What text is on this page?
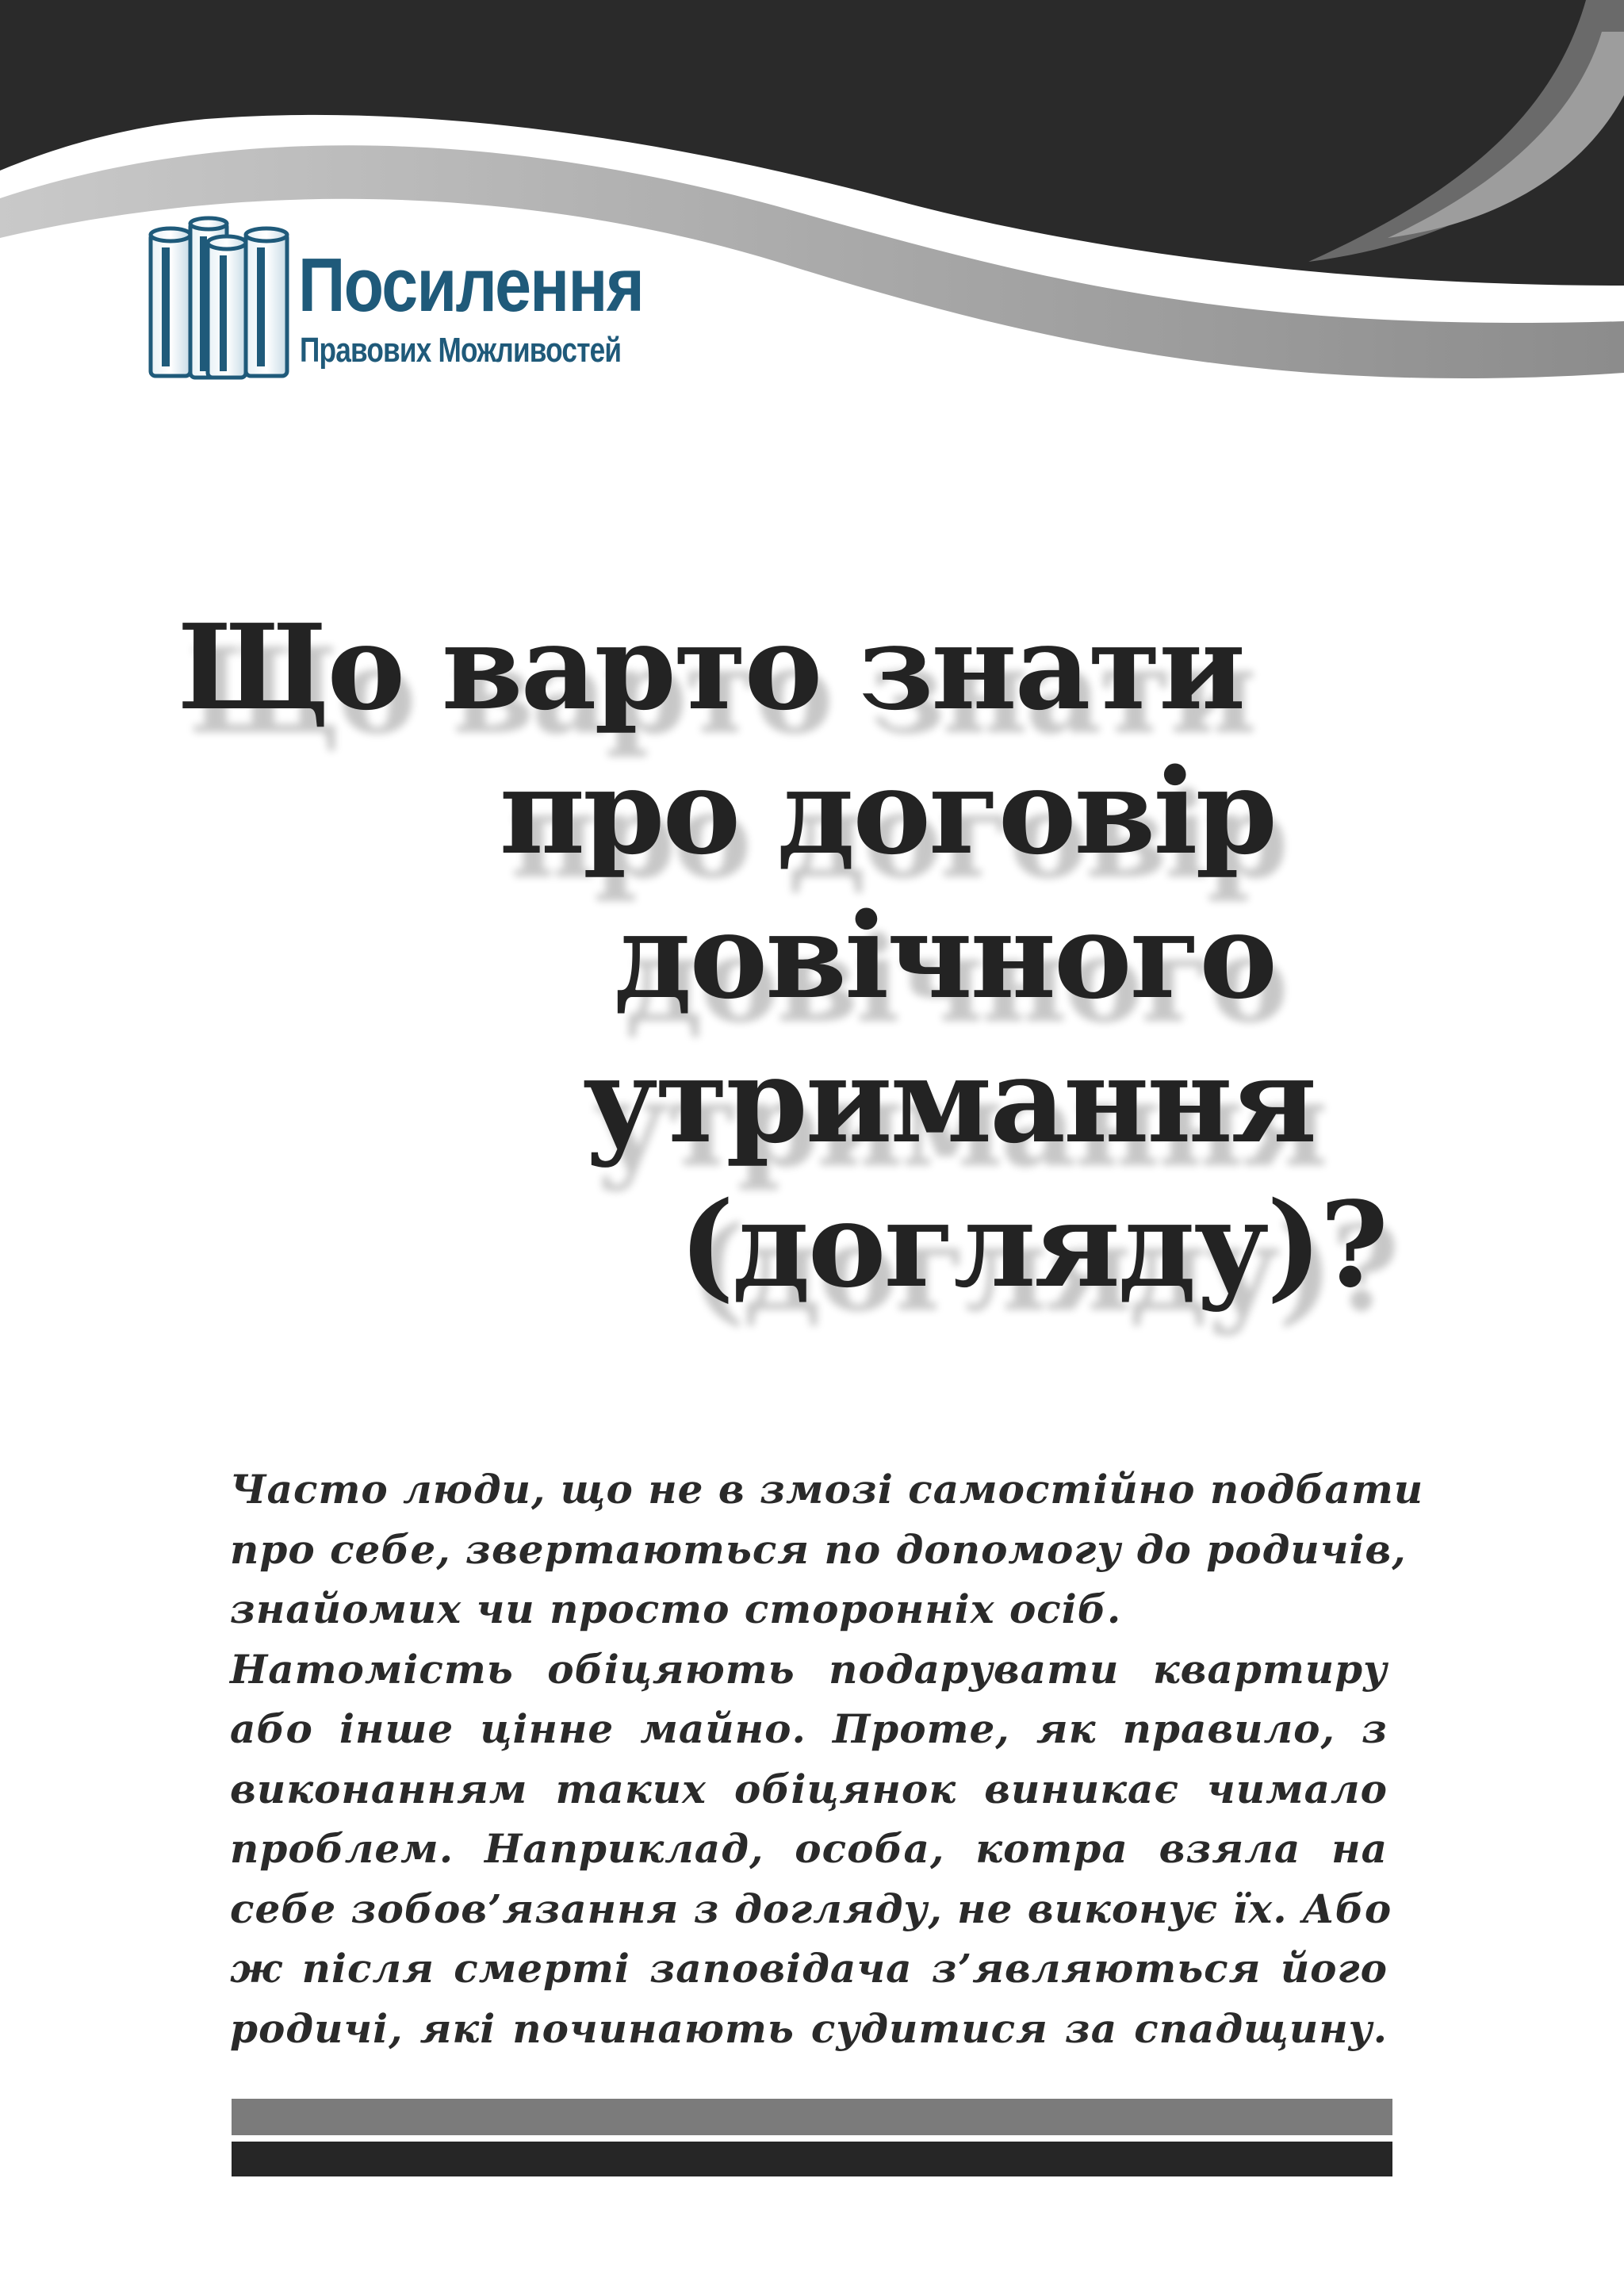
Посилення
Правових Можливостей
Що варто знати
про договір
довічного
утримання
(догляду)?

Часто люди, що не в змозі самостійно подбати
про себе, звертаються по допомогу до родичів,
знайомих чи просто сторонніх осіб.
Натомість обіцяють подарувати квартиру
або інше цінне майно. Проте, як правило, з
виконанням таких обіцянок виникає чимало
проблем. Наприклад, особа, котра взяла на
себе зобов’язання з догляду, не виконує їх. Або
ж після смерті заповідача з’являються його
родичі, які починають судитися за спадщину.
